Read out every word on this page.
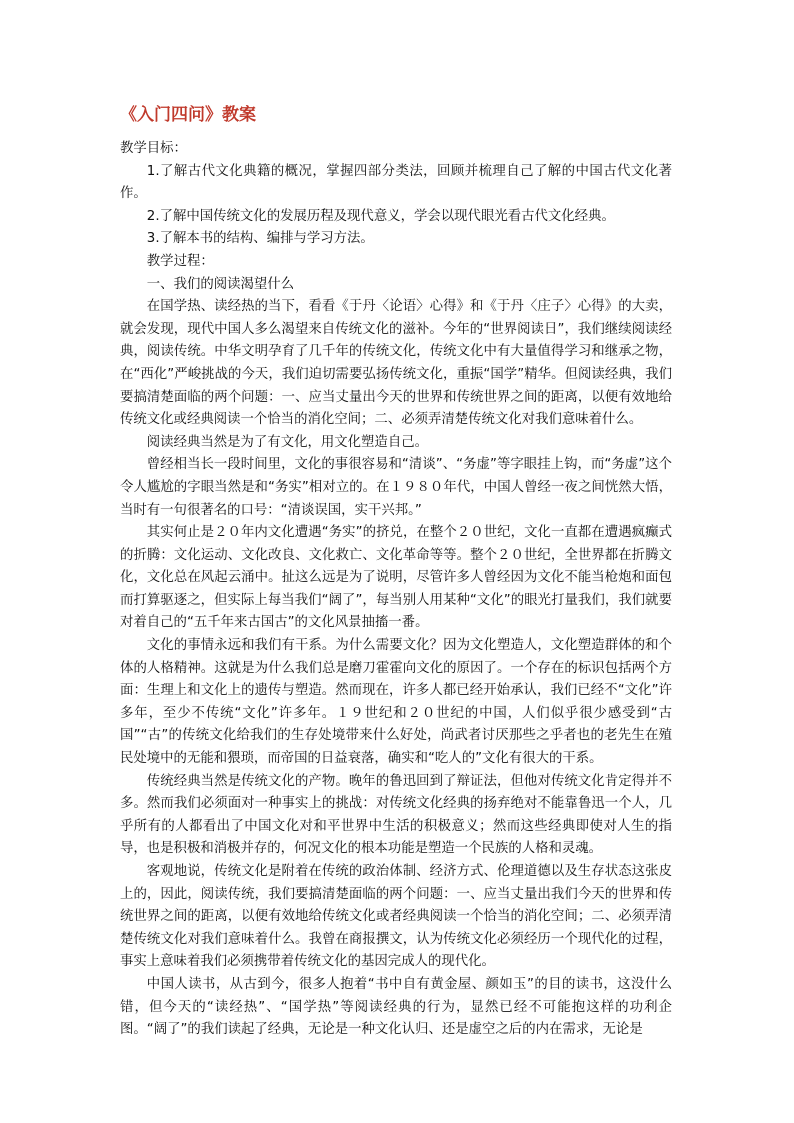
《入门四问》教案

教学目标：

1.了解古代文化典籍的概况，掌握四部分类法，回顾并梳理自己了解的中国古代文化著作。

2.了解中国传统文化的发展历程及现代意义，学会以现代眼光看古代文化经典。

3.了解本书的结构、编排与学习方法。

教学过程：

一、我们的阅读渴望什么

在国学热、读经热的当下，看看《于丹〈论语〉心得》和《于丹〈庄子〉心得》的大卖，就会发现，现代中国人多么渴望来自传统文化的滋补。今年的“世界阅读日”，我们继续阅读经典，阅读传统。中华文明孕育了几千年的传统文化，传统文化中有大量值得学习和继承之物，在“西化”严峻挑战的今天，我们迫切需要弘扬传统文化，重振“国学”精华。但阅读经典，我们要搞清楚面临的两个问题：一、应当丈量出今天的世界和传统世界之间的距离，以便有效地给传统文化或经典阅读一个恰当的消化空间；二、必须弄清楚传统文化对我们意味着什么。

阅读经典当然是为了有文化，用文化塑造自己。

曾经相当长一段时间里，文化的事很容易和“清谈”、“务虚”等字眼挂上钩，而“务虚”这个令人尴尬的字眼当然是和“务实”相对立的。在１９８０年代，中国人曾经一夜之间恍然大悟，当时有一句很著名的口号：“清谈误国，实干兴邦。”

其实何止是２０年内文化遭遇“务实”的挤兑，在整个２０世纪，文化一直都在遭遇疯癫式的折腾：文化运动、文化改良、文化救亡、文化革命等等。整个２０世纪，全世界都在折腾文化，文化总在风起云涌中。扯这么远是为了说明，尽管许多人曾经因为文化不能当枪炮和面包而打算驱逐之，但实际上每当我们“阔了”，每当别人用某种“文化”的眼光打量我们，我们就要对着自己的“五千年来古国古”的文化风景抽搐一番。

文化的事情永远和我们有干系。为什么需要文化？因为文化塑造人，文化塑造群体的和个体的人格精神。这就是为什么我们总是磨刀霍霍向文化的原因了。一个存在的标识包括两个方面：生理上和文化上的遗传与塑造。然而现在，许多人都已经开始承认，我们已经不“文化”许多年，至少不传统“文化”许多年。１９世纪和２０世纪的中国，人们似乎很少感受到“古国”“古”的传统文化给我们的生存处境带来什么好处，尚武者讨厌那些之乎者也的老先生在殖民处境中的无能和猥琐，而帝国的日益衰落，确实和“吃人的”文化有很大的干系。

传统经典当然是传统文化的产物。晚年的鲁迅回到了辩证法，但他对传统文化肯定得并不多。然而我们必须面对一种事实上的挑战：对传统文化经典的扬弃绝对不能靠鲁迅一个人，几乎所有的人都看出了中国文化对和平世界中生活的积极意义；然而这些经典即使对人生的指导，也是积极和消极并存的，何况文化的根本功能是塑造一个民族的人格和灵魂。

客观地说，传统文化是附着在传统的政治体制、经济方式、伦理道德以及生存状态这张皮上的，因此，阅读传统，我们要搞清楚面临的两个问题：一、应当丈量出我们今天的世界和传统世界之间的距离，以便有效地给传统文化或者经典阅读一个恰当的消化空间；二、必须弄清楚传统文化对我们意味着什么。我曾在商报撰文，认为传统文化必须经历一个现代化的过程，事实上意味着我们必须携带着传统文化的基因完成人的现代化。

中国人读书，从古到今，很多人抱着“书中自有黄金屋、颜如玉”的目的读书，这没什么错，但今天的“读经热”、“国学热”等阅读经典的行为，显然已经不可能抱这样的功利企图。“阔了”的我们读起了经典，无论是一种文化认归、还是虚空之后的内在需求，无论是
